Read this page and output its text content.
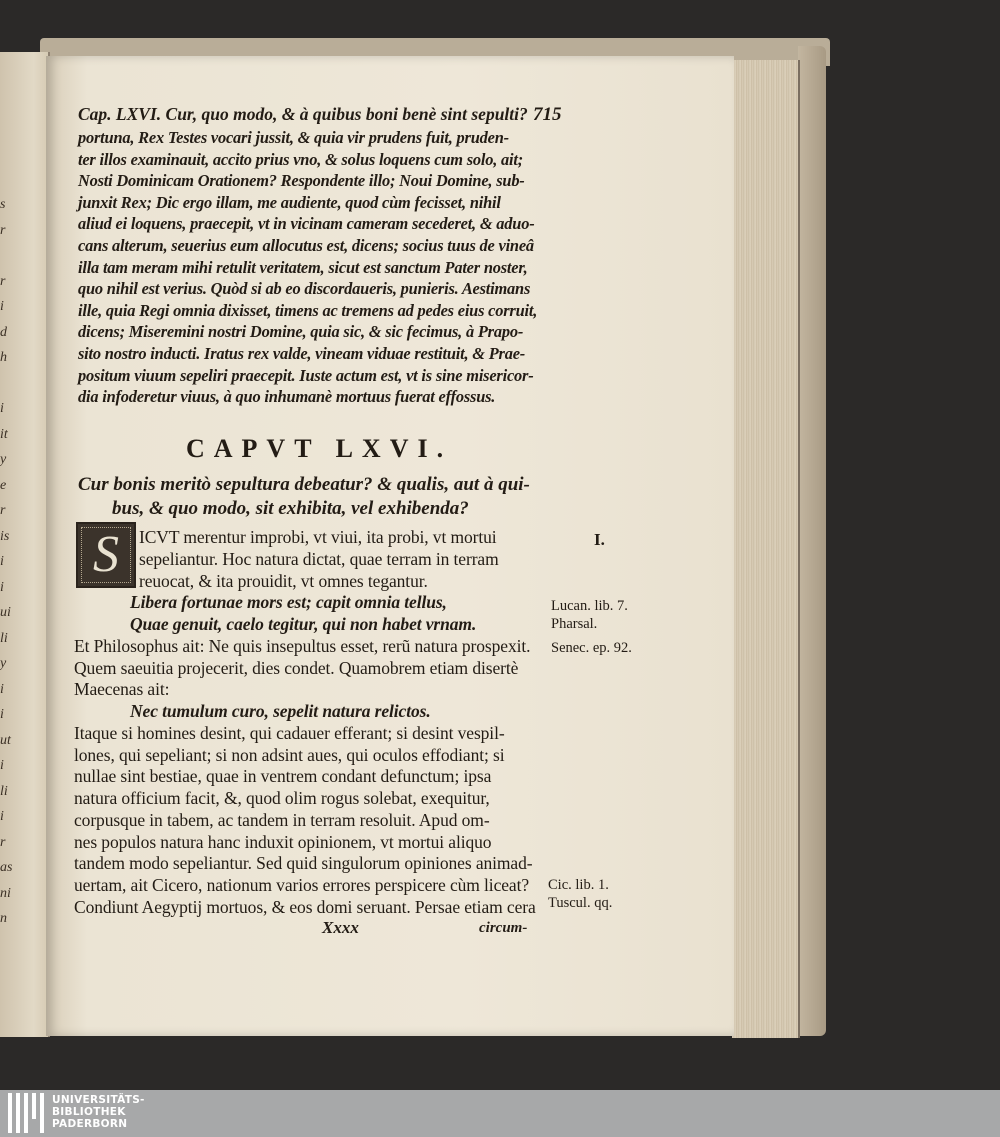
s
r
r
i
d
h
i
it
y
e
r
is
i
i
ui
li
y
i
i
ut
i
li
i
r
as
ni
n
Cap. LXVI. Cur, quo modo, & à quibus boni benè sint sepulti? 715
portuna, Rex Testes vocari jussit, & quia vir prudens fuit, pruden-
ter illos examinauit, accito prius vno, & solus loquens cum solo, ait;
Nosti Dominicam Orationem? Respondente illo; Noui Domine, sub-
junxit Rex; Dic ergo illam, me audiente, quod cùm fecisset, nihil
aliud ei loquens, praecepit, vt in vicinam cameram secederet, & aduo-
cans alterum, seuerius eum allocutus est, dicens; socius tuus de vineâ
illa tam meram mihi retulit veritatem, sicut est sanctum Pater noster,
quo nihil est verius. Quòd si ab eo discordaueris, punieris. Aestimans
ille, quia Regi omnia dixisset, timens ac tremens ad pedes eius corruit,
dicens; Miseremini nostri Domine, quia sic, & sic fecimus, à Prapo-
sito nostro inducti. Iratus rex valde, vineam viduae restituit, & Prae-
positum viuum sepeliri praecepit. Iuste actum est, vt is sine misericor-
dia infoderetur viuus, à quo inhumanè mortuus fuerat effossus.
CAPVT LXVI.
Cur bonis meritò sepultura debeatur? & qualis, aut à qui-
bus, & quo modo, sit exhibita, vel exhibenda?
S	ICVT merentur improbi, vt viui, ita probi, vt mortui
sepeliantur. Hoc natura dictat, quae terram in terram
reuocat, & ita prouidit, vt omnes tegantur.
Libera fortunae mors est; capit omnia tellus,
Quae genuit, caelo tegitur, qui non habet vrnam.
Et Philosophus ait: Ne quis insepultus esset, rerũ natura prospexit.
Quem saeuitia projecerit, dies condet. Quamobrem etiam disertè
Maecenas ait:
Nec tumulum curo, sepelit natura relictos.
Itaque si homines desint, qui cadauer efferant; si desint vespil-
lones, qui sepeliant; si non adsint aues, qui oculos effodiant; si
nullae sint bestiae, quae in ventrem condant defunctum; ipsa
natura officium facit, &, quod olim rogus solebat, exequitur,
corpusque in tabem, ac tandem in terram resoluit. Apud om-
nes populos natura hanc induxit opinionem, vt mortui aliquo
tandem modo sepeliantur. Sed quid singulorum opiniones animad-
uertam, ait Cicero, nationum varios errores perspicere cùm liceat?
Condiunt Aegyptij mortuos, & eos domi seruant. Persae etiam cera
Xxxx	circum-
I.
Lucan. lib. 7.
Pharsal.
Senec. ep. 92.
Cic. lib. 1.
Tuscul. qq.
UNIVERSITÄTS-
BIBLIOTHEK
PADERBORN
